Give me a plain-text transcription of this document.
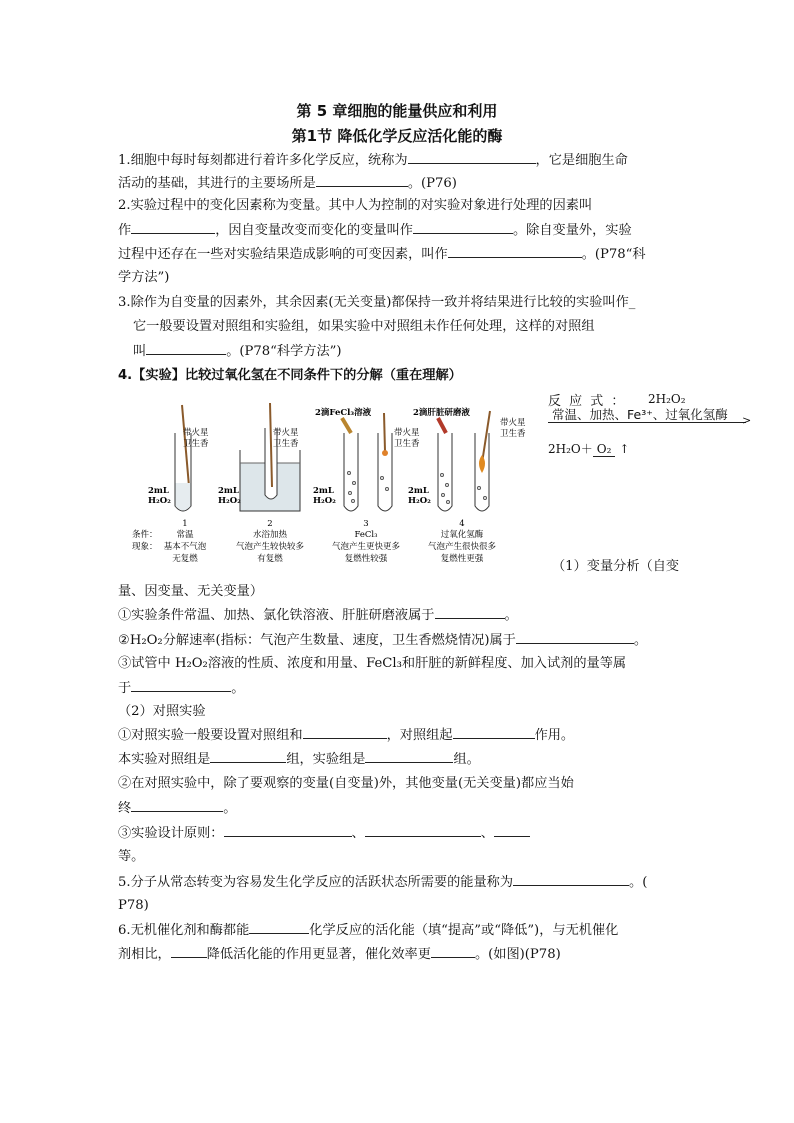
第 5 章细胞的能量供应和利用
第1节 降低化学反应活化能的酶
1.细胞中每时每刻都进行着许多化学反应，统称为	，它是细胞生命
活动的基础，其进行的主要场所是	。(P76)
2.实验过程中的变化因素称为变量。其中人为控制的对实验对象进行处理的因素叫
作	，因自变量改变而变化的变量叫作	。除自变量外，实验
过程中还存在一些对实验结果造成影响的可变因素，叫作	。(P78“科
学方法”)
3.除作为自变量的因素外，其余因素(无关变量)都保持一致并将结果进行比较的实验叫作_
它一般要设置对照组和实验组，如果实验中对照组未作任何处理，这样的对照组
叫	。(P78“科学方法”)
4.【实验】比较过氧化氢在不同条件下的分解（重在理解）
带火星
卫生香
带火星
卫生香
带火星
卫生香
带火星
卫生香
2滴FeCl₃溶液	2滴肝脏研磨液
2mL
H₂O₂
2mL
H₂O₂
2mL
H₂O₂
2mL
H₂O₂
1	2	3	4
条件：
现象：
常温	水浴加热	FeCl₃	过氧化氢酶
基本不气泡	气泡产生较快较多	气泡产生更快更多	气泡产生很快很多
无复燃	有复燃	复燃性较强	复燃性更强
反 应 式 ： 2H₂O₂
常温、加热、Fe³⁺、过氧化氢酶 >
2H₂O＋ O₂ ↑
（1）变量分析（自变
量、因变量、无关变量）
①实验条件常温、加热、氯化铁溶液、肝脏研磨液属于	。
②H₂O₂分解速率(指标：气泡产生数量、速度，卫生香燃烧情况)属于	。
③试管中 H₂O₂溶液的性质、浓度和用量、FeCl₃和肝脏的新鲜程度、加入试剂的量等属
于	。
（2）对照实验
①对照实验一般要设置对照组和	，对照组起	作用。
本实验对照组是	组，实验组是	组。
②在对照实验中，除了要观察的变量(自变量)外，其他变量(无关变量)都应当始
终	。
③实验设计原则：	、	、
等。
5.分子从常态转变为容易发生化学反应的活跃状态所需要的能量称为	。(
P78)
6.无机催化剂和酶都能	化学反应的活化能（填“提高”或“降低”)，与无机催化
剂相比，	降低活化能的作用更显著，催化效率更	。(如图)(P78)
